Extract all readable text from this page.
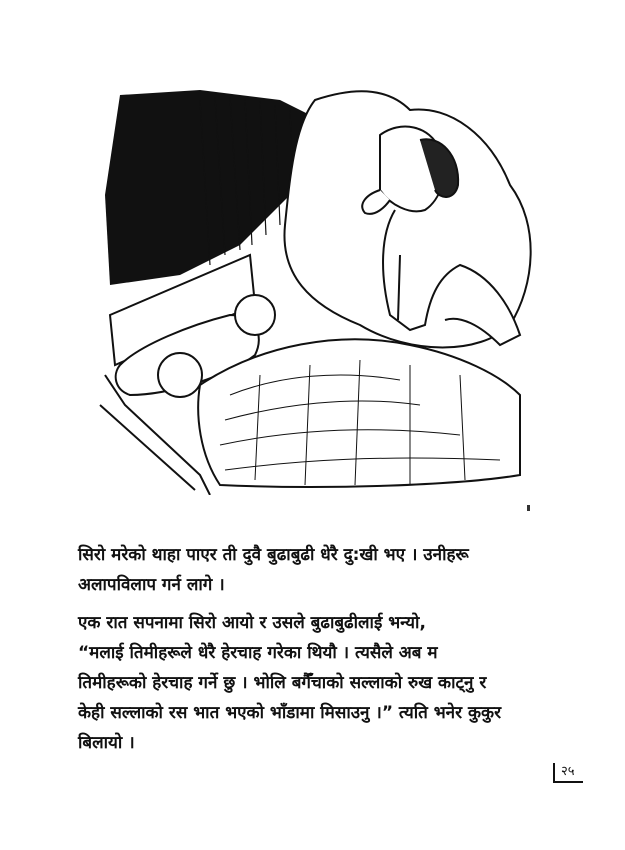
सिरो मरेको थाहा पाएर ती दुवै बुढाबुढी धेरै दु:खी भए । उनीहरू
अलापविलाप गर्न लागे ।

एक रात सपनामा सिरो आयो र उसले बुढाबुढीलाई भन्यो,
“मलाई तिमीहरूले धेरै हेरचाह गरेका थियौ । त्यसैले अब म
तिमीहरूको हेरचाह गर्ने छु । भोलि बगैँचाको सल्लाको रुख काट्नु र
केही सल्लाको रस भात भएको भाँडामा मिसाउनु ।” त्यति भनेर कुकुर
बिलायो ।

२५
